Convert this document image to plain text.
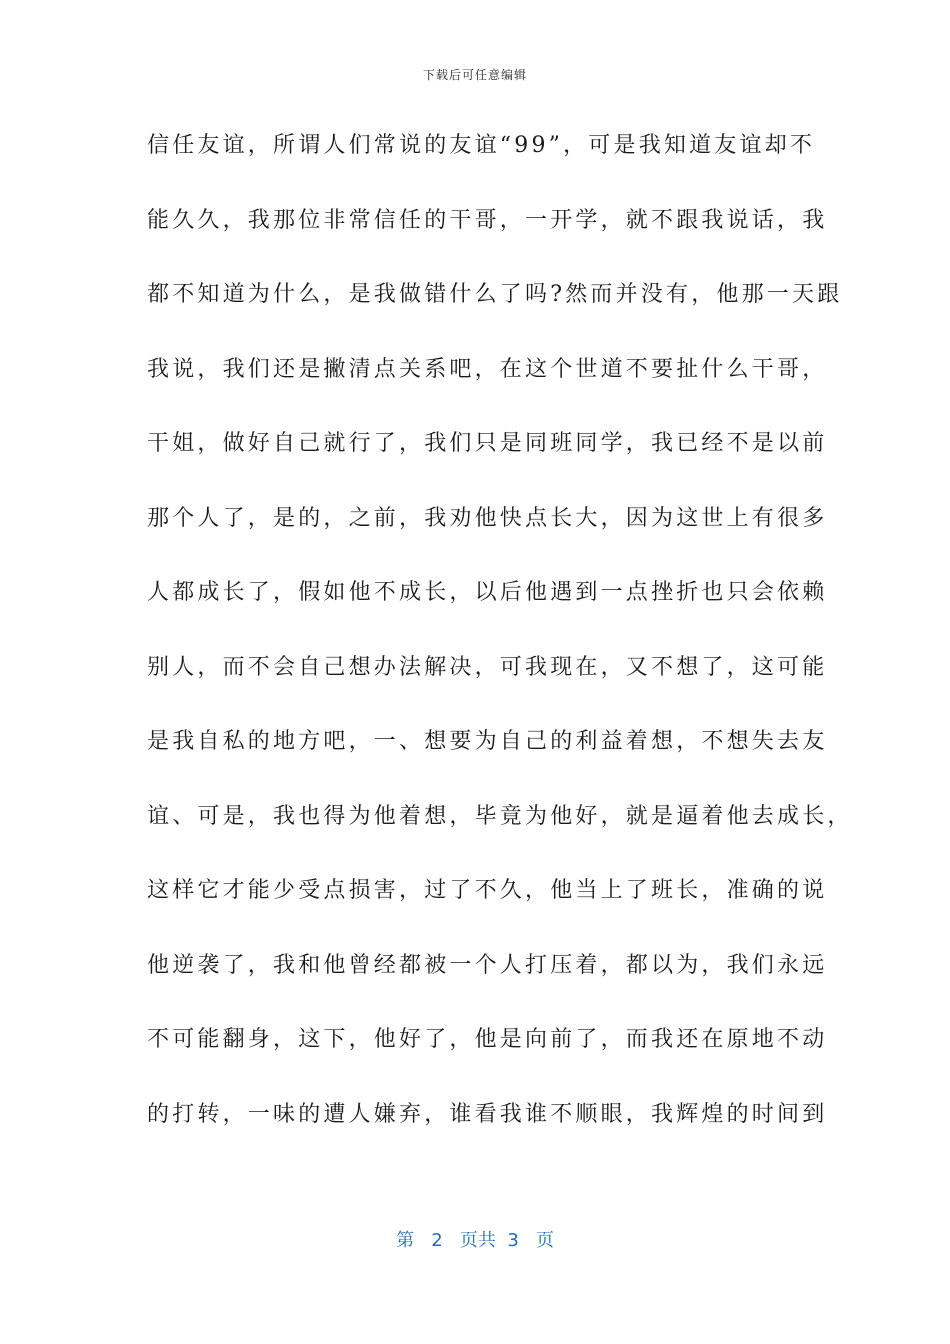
下载后可任意编辑
信任友谊，所谓人们常说的友谊“99”，可是我知道友谊却不
能久久，我那位非常信任的干哥，一开学，就不跟我说话，我
都不知道为什么，是我做错什么了吗?然而并没有，他那一天跟
我说，我们还是撇清点关系吧，在这个世道不要扯什么干哥，
干姐，做好自己就行了，我们只是同班同学，我已经不是以前
那个人了，是的，之前，我劝他快点长大，因为这世上有很多
人都成长了，假如他不成长，以后他遇到一点挫折也只会依赖
别人，而不会自己想办法解决，可我现在，又不想了，这可能
是我自私的地方吧，一、想要为自己的利益着想，不想失去友
谊、可是，我也得为他着想，毕竟为他好，就是逼着他去成长，
这样它才能少受点损害，过了不久，他当上了班长，准确的说
他逆袭了，我和他曾经都被一个人打压着，都以为，我们永远
不可能翻身，这下，他好了，他是向前了，而我还在原地不动
的打转，一味的遭人嫌弃，谁看我谁不顺眼，我辉煌的时间到
第 2 页共 3 页
